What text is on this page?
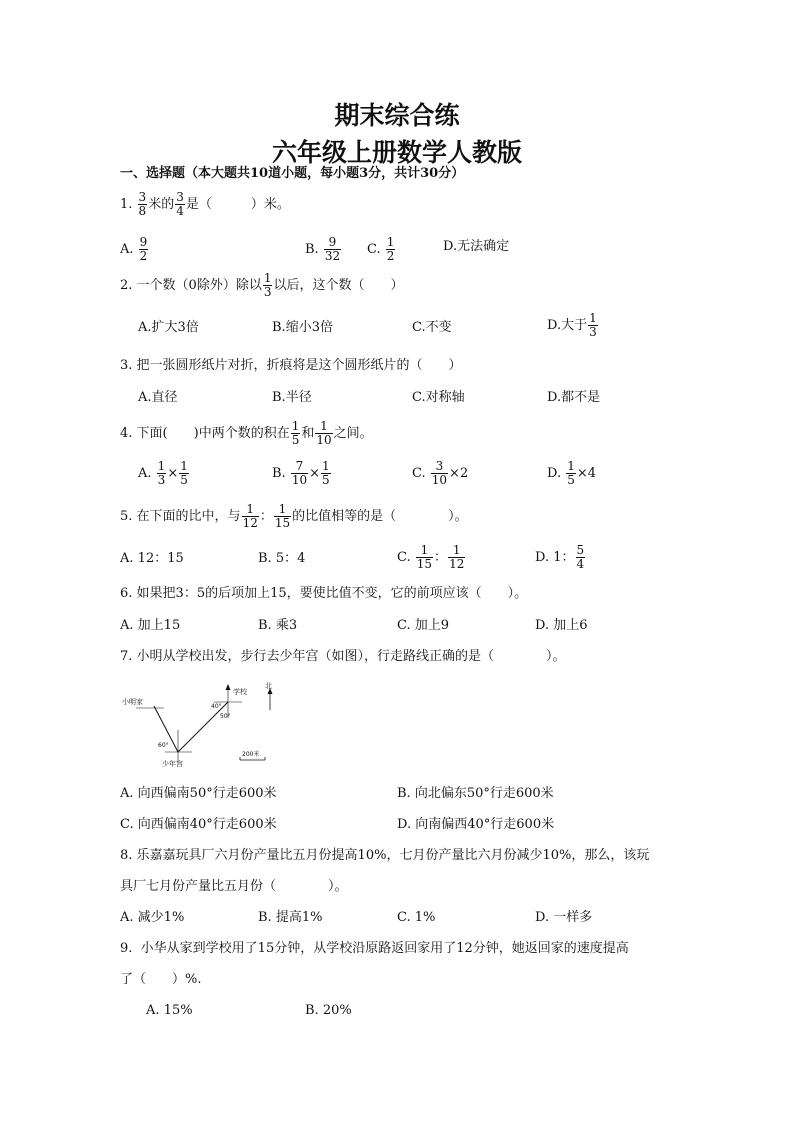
期末综合练
六年级上册数学人教版
一、选择题（本大题共10道小题，每小题3分，共计30分）
1. $\frac{3}{8}$ 米的 $\frac{3}{4}$ 是（　　　）米。
A. $\frac{9}{2}$	B. $\frac{9}{32} C$. $\frac{1}{2}$	D.无法确定
2. 一个数（0除外）除以 $\frac{1}{3}$ 以后，这个数（　　）
A.扩大3倍	B.缩小3倍	C.不变	D.大于 $\frac{1}{3}$
3. 把一张圆形纸片对折，折痕将是这个圆形纸片的（　　）
A.直径	B.半径	C.对称轴	D.都不是
4. 下面(　　)中两个数的积在 $\frac{1}{5}$ 和 $\frac{1}{10}$ 之间。
A. $\frac{1}{3} \times \frac{1}{5}$	B. $\frac{7}{10} \times \frac{1}{5}$	C. $\frac{3}{10} \times 2$	D. $\frac{1}{5} \times 4$
5. 在下面的比中，与 $\frac{1}{12}$ ： $\frac{1}{15}$ 的比值相等的是（　　　　）。
A. 12：15	B. 5：4	C. $\frac{1}{15}$ ： $\frac{1}{12}$	D. 1： $\frac{5}{4}$
6. 如果把3：5的后项加上15，要使比值不变，它的前项应该（　　）。
A. 加上15	B. 乘3	C. 加上9	D. 加上6
7. 小明从学校出发，步行去少年宫（如图），行走路线正确的是（　　　　）。
小明家
60°
少年宫
学校
40°
50°
北
200米
A. 向西偏南50°行走600米	B. 向北偏东50°行走600米
C. 向西偏南40°行走600米	D. 向南偏西40°行走600米
8. 乐嘉嘉玩具厂六月份产量比五月份提高10%，七月份产量比六月份减少10%，那么，该玩
具厂七月份产量比五月份（　　　　）。
A. 减少1%	B. 提高1%	C. 1%	D. 一样多
9. 小华从家到学校用了15分钟，从学校沿原路返回家用了12分钟，她返回家的速度提高
了（　　）%.
A. 15%	B. 20%
